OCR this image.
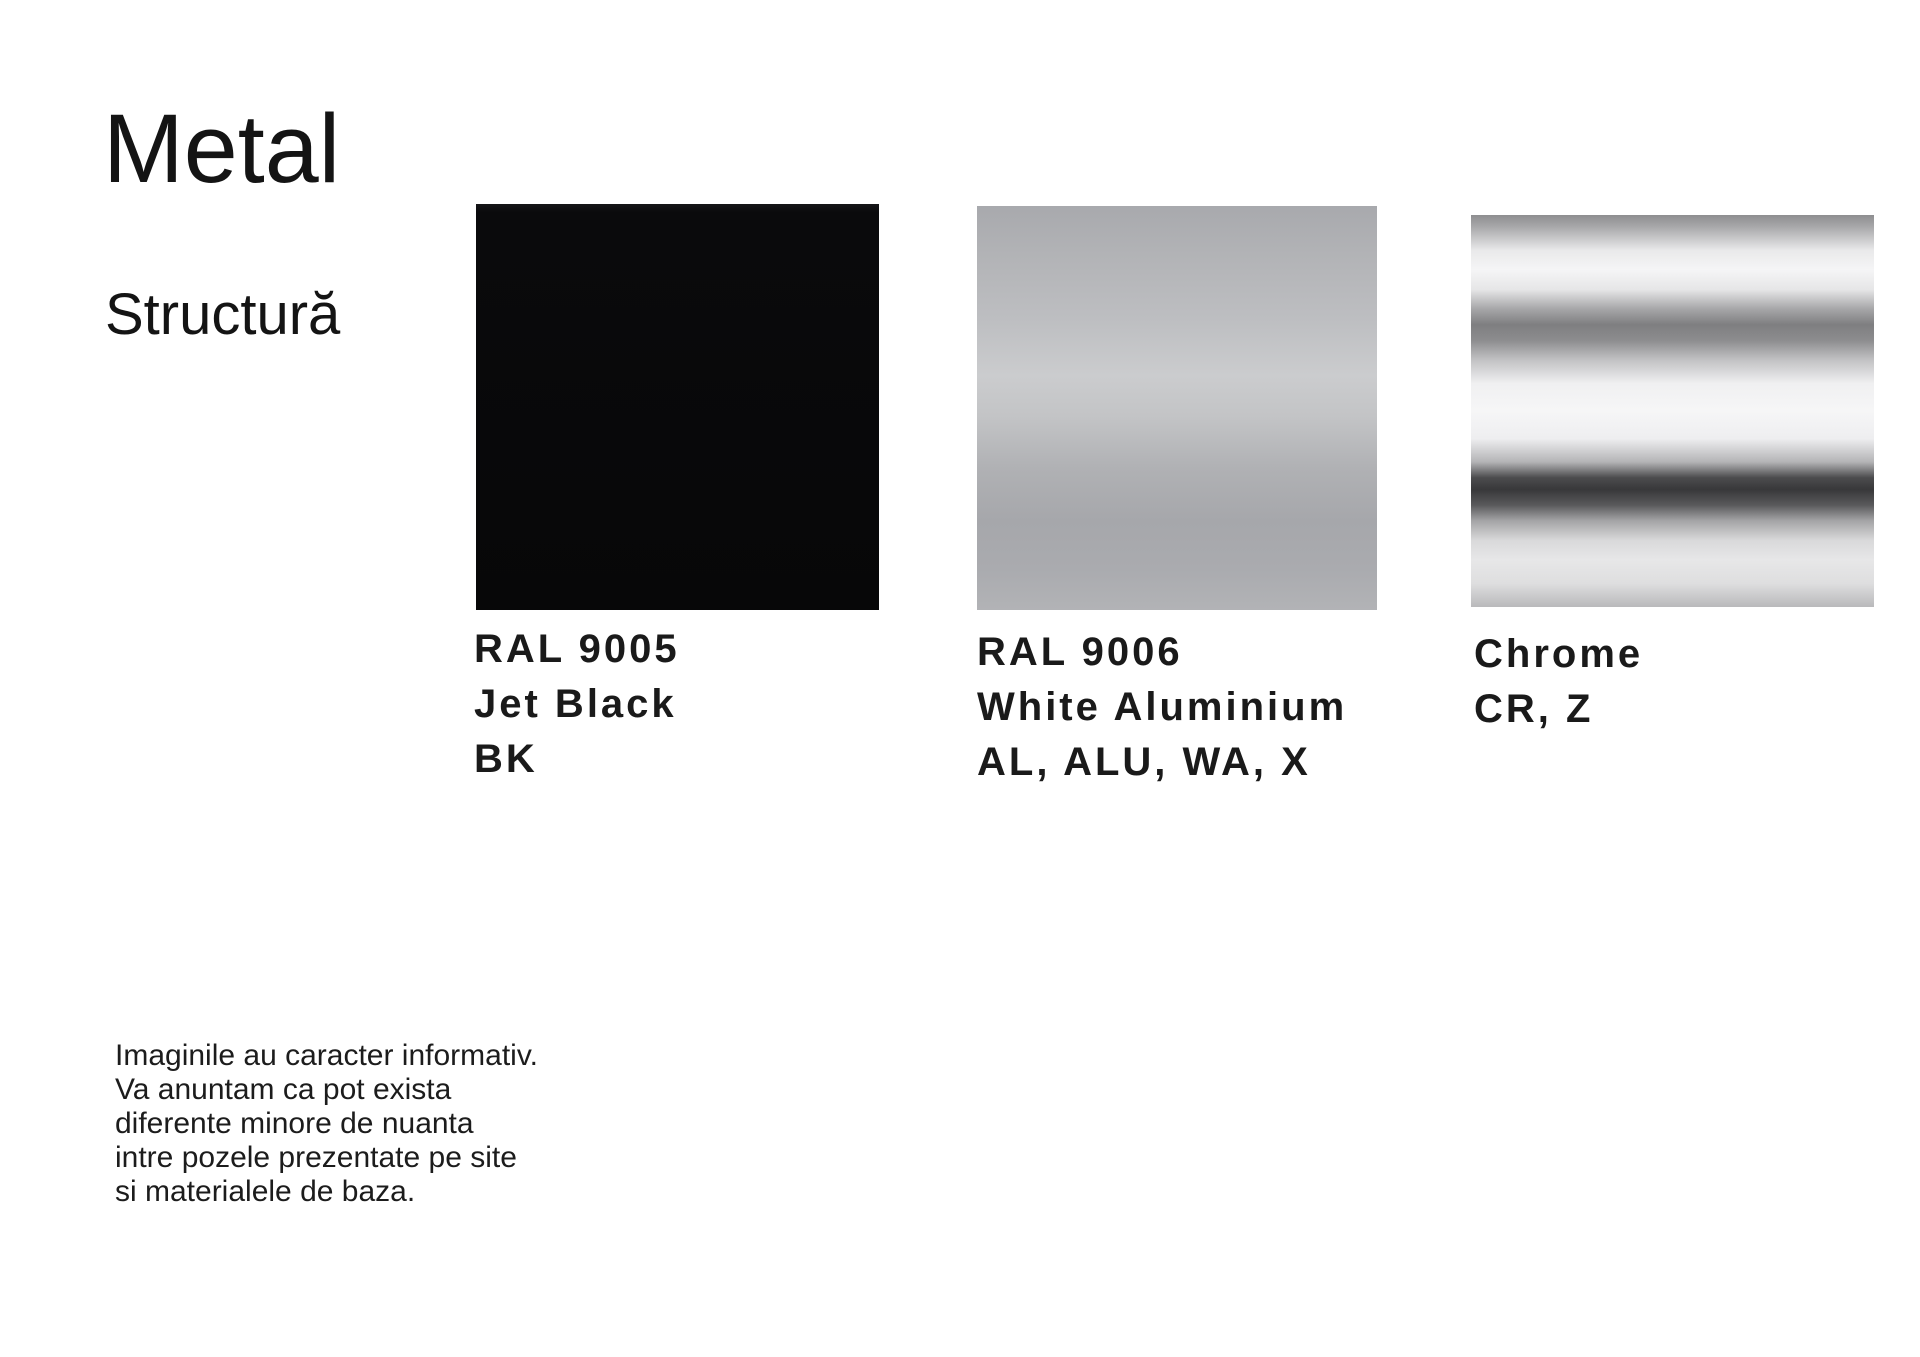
Metal
Structură
RAL 9005
Jet Black
BK
RAL 9006
White Aluminium
AL, ALU, WA, X
Chrome
CR, Z
Imaginile au caracter informativ.
Va anuntam ca pot exista
diferente minore de nuanta
intre pozele prezentate pe site
si materialele de baza.
